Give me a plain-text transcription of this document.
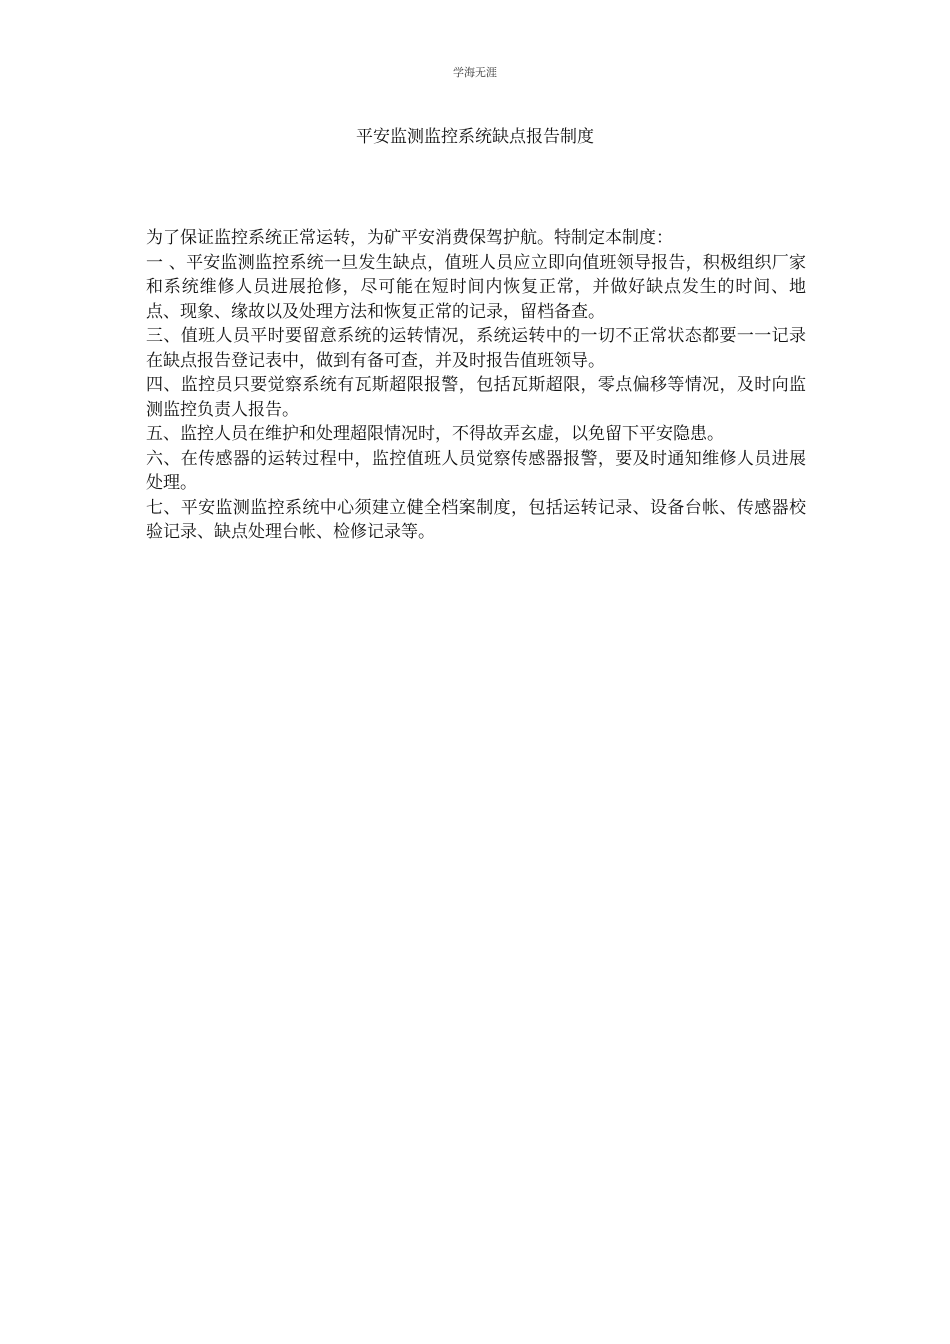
学海无涯
平安监测监控系统缺点报告制度

为了保证监控系统正常运转，为矿平安消费保驾护航。特制定本制度：

一 、平安监测监控系统一旦发生缺点，值班人员应立即向值班领导报告，积极组织厂家和系统维修人员进展抢修，尽可能在短时间内恢复正常，并做好缺点发生的时间、地点、现象、缘故以及处理方法和恢复正常的记录，留档备查。

三、值班人员平时要留意系统的运转情况，系统运转中的一切不正常状态都要一一记录在缺点报告登记表中，做到有备可查，并及时报告值班领导。

四、监控员只要觉察系统有瓦斯超限报警，包括瓦斯超限，零点偏移等情况，及时向监测监控负责人报告。

五、监控人员在维护和处理超限情况时，不得故弄玄虚，以免留下平安隐患。

六、在传感器的运转过程中，监控值班人员觉察传感器报警，要及时通知维修人员进展处理。

七、平安监测监控系统中心须建立健全档案制度，包括运转记录、设备台帐、传感器校验记录、缺点处理台帐、检修记录等。
